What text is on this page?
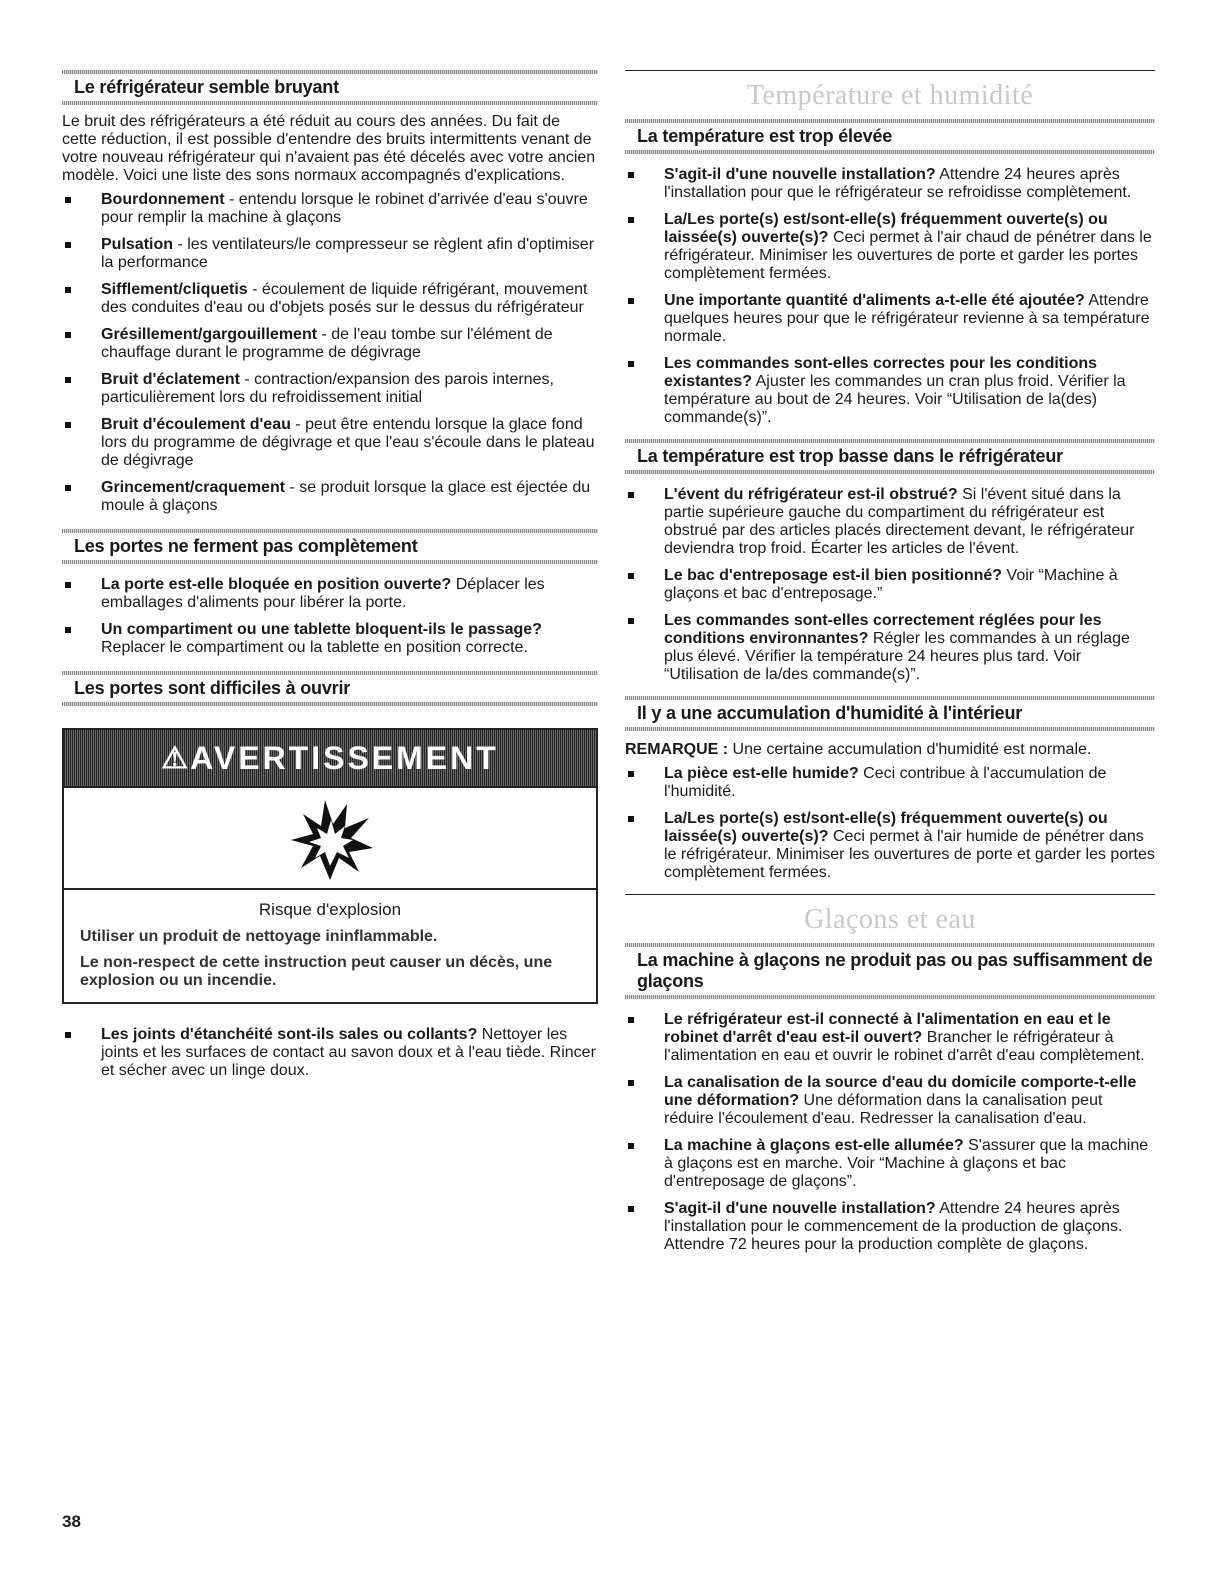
Le réfrigérateur semble bruyant

Le bruit des réfrigérateurs a été réduit au cours des années. Du fait de cette réduction, il est possible d'entendre des bruits intermittents venant de votre nouveau réfrigérateur qui n'avaient pas été décelés avec votre ancien modèle. Voici une liste des sons normaux accompagnés d'explications.

Bourdonnement - entendu lorsque le robinet d'arrivée d'eau s'ouvre pour remplir la machine à glaçons
Pulsation - les ventilateurs/le compresseur se règlent afin d'optimiser la performance
Sifflement/cliquetis - écoulement de liquide réfrigérant, mouvement des conduites d'eau ou d'objets posés sur le dessus du réfrigérateur
Grésillement/gargouillement - de l'eau tombe sur l'élément de chauffage durant le programme de dégivrage
Bruit d'éclatement - contraction/expansion des parois internes, particulièrement lors du refroidissement initial
Bruit d'écoulement d'eau - peut être entendu lorsque la glace fond lors du programme de dégivrage et que l'eau s'écoule dans le plateau de dégivrage
Grincement/craquement - se produit lorsque la glace est éjectée du moule à glaçons
Les portes ne ferment pas complètement
La porte est-elle bloquée en position ouverte? Déplacer les emballages d'aliments pour libérer la porte.
Un compartiment ou une tablette bloquent-ils le passage? Replacer le compartiment ou la tablette en position correcte.
Les portes sont difficiles à ouvrir
⚠ AVERTISSEMENT

Risque d'explosion

Utiliser un produit de nettoyage ininflammable.

Le non-respect de cette instruction peut causer un décès, une explosion ou un incendie.

Les joints d'étanchéité sont-ils sales ou collants? Nettoyer les joints et les surfaces de contact au savon doux et à l'eau tiède. Rincer et sécher avec un linge doux.
Température et humidité
La température est trop élevée
S'agit-il d'une nouvelle installation? Attendre 24 heures après l'installation pour que le réfrigérateur se refroidisse complètement.
La/Les porte(s) est/sont-elle(s) fréquemment ouverte(s) ou laissée(s) ouverte(s)? Ceci permet à l'air chaud de pénétrer dans le réfrigérateur. Minimiser les ouvertures de porte et garder les portes complètement fermées.
Une importante quantité d'aliments a-t-elle été ajoutée? Attendre quelques heures pour que le réfrigérateur revienne à sa température normale.
Les commandes sont-elles correctes pour les conditions existantes? Ajuster les commandes un cran plus froid. Vérifier la température au bout de 24 heures. Voir “Utilisation de la(des) commande(s)”.
La température est trop basse dans le réfrigérateur
L'évent du réfrigérateur est-il obstrué? Si l'évent situé dans la partie supérieure gauche du compartiment du réfrigérateur est obstrué par des articles placés directement devant, le réfrigérateur deviendra trop froid. Écarter les articles de l'évent.
Le bac d'entreposage est-il bien positionné? Voir “Machine à glaçons et bac d'entreposage.”
Les commandes sont-elles correctement réglées pour les conditions environnantes? Régler les commandes à un réglage plus élevé. Vérifier la température 24 heures plus tard. Voir “Utilisation de la/des commande(s)”.
Il y a une accumulation d'humidité à l'intérieur

REMARQUE : Une certaine accumulation d'humidité est normale.

La pièce est-elle humide? Ceci contribue à l'accumulation de l'humidité.
La/Les porte(s) est/sont-elle(s) fréquemment ouverte(s) ou laissée(s) ouverte(s)? Ceci permet à l'air humide de pénétrer dans le réfrigérateur. Minimiser les ouvertures de porte et garder les portes complètement fermées.
Glaçons et eau
La machine à glaçons ne produit pas ou pas suffisamment de glaçons
Le réfrigérateur est-il connecté à l'alimentation en eau et le robinet d'arrêt d'eau est-il ouvert? Brancher le réfrigérateur à l'alimentation en eau et ouvrir le robinet d'arrêt d'eau complètement.
La canalisation de la source d'eau du domicile comporte-t-elle une déformation? Une déformation dans la canalisation peut réduire l'écoulement d'eau. Redresser la canalisation d'eau.
La machine à glaçons est-elle allumée? S'assurer que la machine à glaçons est en marche. Voir “Machine à glaçons et bac d'entreposage de glaçons”.
S'agit-il d'une nouvelle installation? Attendre 24 heures après l'installation pour le commencement de la production de glaçons. Attendre 72 heures pour la production complète de glaçons.
38
